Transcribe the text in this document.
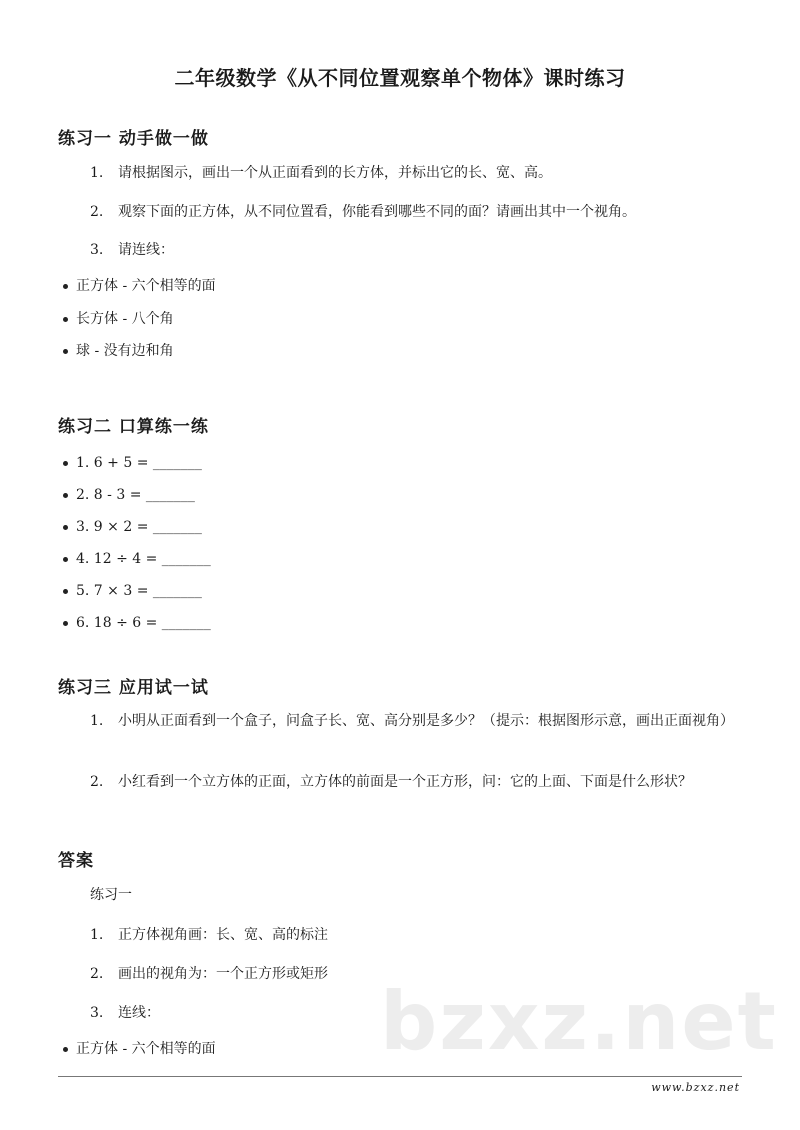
二年级数学《从不同位置观察单个物体》课时练习
练习一 动手做一做
1. 请根据图示，画出一个从正面看到的长方体，并标出它的长、宽、高。
2. 观察下面的正方体，从不同位置看，你能看到哪些不同的面？请画出其中一个视角。
3. 请连线：
正方体 - 六个相等的面
长方体 - 八个角
球 - 没有边和角
练习二 口算练一练
1. 6 + 5 = _______
2. 8 - 3 = _______
3. 9 × 2 = _______
4. 12 ÷ 4 = _______
5. 7 × 3 = _______
6. 18 ÷ 6 = _______
练习三 应用试一试
1. 小明从正面看到一个盒子，问盒子长、宽、高分别是多少？（提示：根据图形示意，画出正面视角）
2. 小红看到一个立方体的正面，立方体的前面是一个正方形，问：它的上面、下面是什么形状？
答案
练习一
1. 正方体视角画：长、宽、高的标注
2. 画出的视角为：一个正方形或矩形
3. 连线：	bzxz.net
正方体 - 六个相等的面
www.bzxz.net
